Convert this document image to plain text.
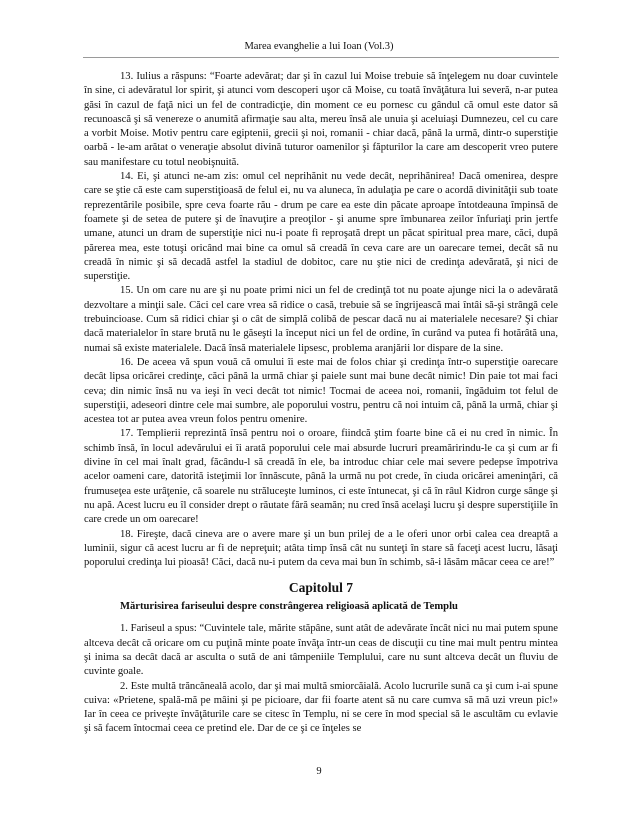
Marea evanghelie a lui Ioan (Vol.3)

13. Iulius a răspuns: “Foarte adevărat; dar şi în cazul lui Moise trebuie să înţelegem nu doar cuvintele în sine, ci adevăratul lor spirit, şi atunci vom descoperi uşor că Moise, cu toată învăţătura lui severă, n-ar putea găsi în cazul de faţă nici un fel de contradicţie, din moment ce eu pornesc cu gândul că omul este dator să recunoască şi să venereze o anumită afirmaţie sau alta, mereu însă ale unuia şi aceluiaşi Dumnezeu, cel cu care a vorbit Moise. Motiv pentru care egiptenii, grecii şi noi, romanii - chiar dacă, până la urmă, dintr-o superstiţie oarbă - le-am arătat o veneraţie absolut divină tuturor oamenilor şi făpturilor la care am descoperit vreo putere sau manifestare cu totul neobişnuită.

14. Ei, şi atunci ne-am zis: omul cel neprihănit nu vede decât, neprihănirea! Dacă omenirea, despre care se ştie că este cam superstiţioasă de felul ei, nu va aluneca, în adulaţia pe care o acordă divinităţii sub toate reprezentările posibile, spre ceva foarte rău - drum pe care ea este din păcate aproape întotdeauna împinsă de foamete şi de setea de putere şi de înavuţire a preoţilor - şi anume spre îmbunarea zeilor înfuriaţi prin jertfe umane, atunci un dram de superstiţie nici nu-i poate fi reproşată drept un păcat spiritual prea mare, căci, după părerea mea, este totuşi oricând mai bine ca omul să creadă în ceva care are un oarecare temei, decât să nu creadă în nimic şi să decadă astfel la stadiul de dobitoc, care nu ştie nici de credinţa adevărată, şi nici de superstiţie.

15. Un om care nu are şi nu poate primi nici un fel de credinţă tot nu poate ajunge nici la o adevărată dezvoltare a minţii sale. Căci cel care vrea să ridice o casă, trebuie să se îngrijească mai întâi să-şi strângă cele trebuincioase. Cum să ridici chiar şi o cât de simplă colibă de pescar dacă nu ai materialele necesare? Şi chiar dacă materialelor în stare brută nu le găseşti la început nici un fel de ordine, în curând va putea fi hotărâtă una, numai să existe materialele. Dacă însă materialele lipsesc, problema aranjării lor dispare de la sine.

16. De aceea vă spun vouă că omului îi este mai de folos chiar şi credinţa într-o superstiţie oarecare decât lipsa oricărei credinţe, căci până la urmă chiar şi paiele sunt mai bune decât nimic! Din paie tot mai faci ceva; din nimic însă nu va ieşi în veci decât tot nimic! Tocmai de aceea noi, romanii, îngăduim tot felul de superstiţii, adeseori dintre cele mai sumbre, ale poporului vostru, pentru că noi intuim că, până la urmă, chiar şi acestea tot ar putea avea vreun folos pentru omenire.

17. Templierii reprezintă însă pentru noi o oroare, fiindcă ştim foarte bine că ei nu cred în nimic. În schimb însă, în locul adevărului ei îi arată poporului cele mai absurde lucruri preamăririndu-le ca şi cum ar fi divine în cel mai înalt grad, făcându-l să creadă în ele, ba introduc chiar cele mai severe pedepse împotriva acelor oameni care, datorită isteţimii lor înnăscute, până la urmă nu pot crede, în ciuda oricărei ameninţări, că frumuseţea este urâţenie, că soarele nu străluceşte luminos, ci este întunecat, şi că în râul Kidron curge sânge şi nu apă. Acest lucru eu îl consider drept o răutate fără seamăn; nu cred însă acelaşi lucru şi despre superstiţiile în care crede un om oarecare!

18. Fireşte, dacă cineva are o avere mare şi un bun prilej de a le oferi unor orbi calea cea dreaptă a luminii, sigur că acest lucru ar fi de nepreţuit; atâta timp însă cât nu sunteţi în stare să faceţi acest lucru, lăsaţi poporului credinţa lui pioasă! Căci, dacă nu-i putem da ceva mai bun în schimb, să-i lăsăm măcar ceea ce are!”

Capitolul 7
Mărturisirea fariseului despre constrângerea religioasă aplicată de Templu

1. Fariseul a spus: “Cuvintele tale, mărite stăpâne, sunt atât de adevărate încât nici nu mai putem spune altceva decât că oricare om cu puţină minte poate învăţa într-un ceas de discuţii cu tine mai mult pentru mintea şi inima sa decât dacă ar asculta o sută de ani tâmpeniile Templului, care nu sunt altceva decât un fluviu de cuvinte goale.

2. Este multă trăncăneală acolo, dar şi mai multă smiorcăială. Acolo lucrurile sună ca şi cum i-ai spune cuiva: «Prietene, spală-mă pe mâini şi pe picioare, dar fii foarte atent să nu care cumva să mă uzi vreun pic!» Iar în ceea ce priveşte învăţăturile care se citesc în Templu, ni se cere în mod special să le ascultăm cu evlavie şi să facem întocmai ceea ce pretind ele. Dar de ce şi ce înţeles se

9
